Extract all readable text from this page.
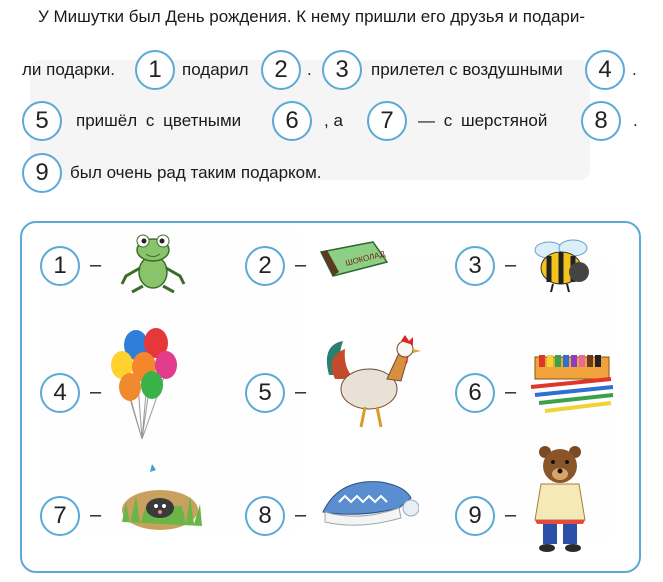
У Мишутки был День рождения. К нему пришли его друзья и подари-
ли подарки.	1	подарил	2	. 3	прилетел с воздушными	4	.
5	пришёл с цветными	6	, а	7	— с шерстяной	8	.
9	был очень рад таким подарком.
1	–	2	–	ШОКОЛАД	3	–
4	–	5	–	6	–
7	–	8	–	9	–
